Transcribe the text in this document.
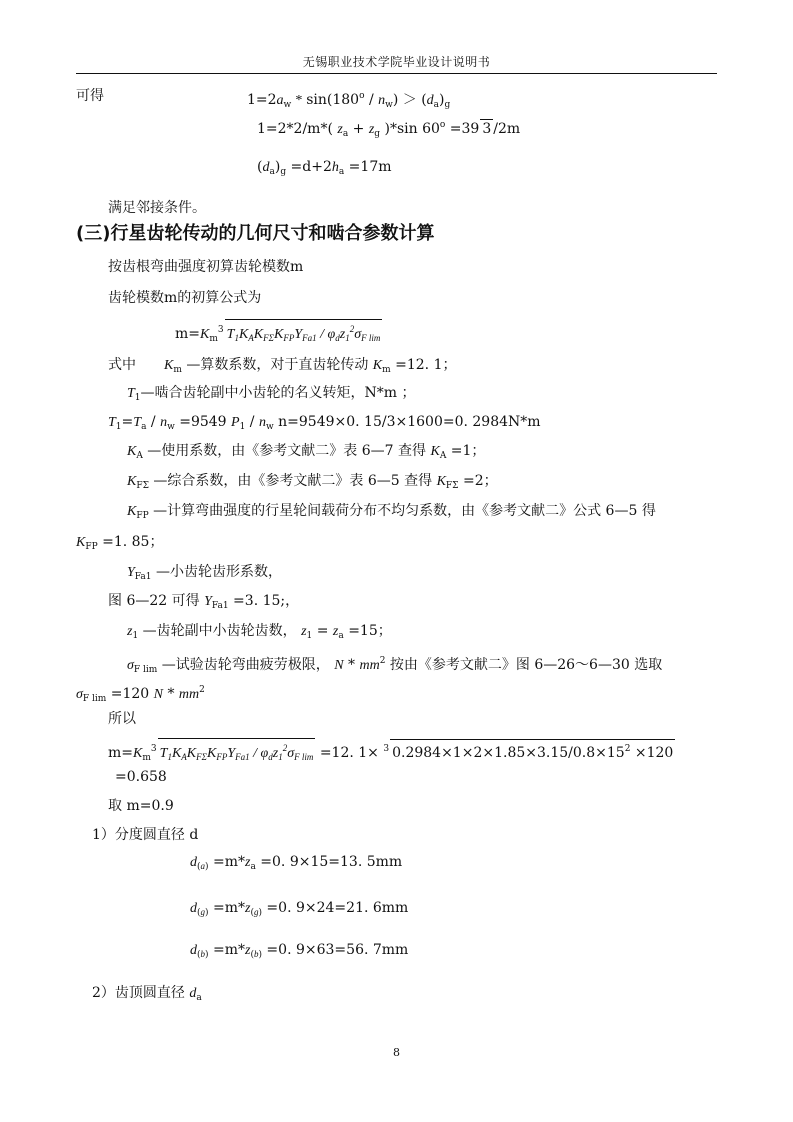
无锡职业技术学院毕业设计说明书
可得	$1=2a_w * \sin(180^o / n_w) > (d_a)_g$
1=2*2/m*( $z_a + z_g$ )*sin $60^o =39$ 3 /2m
$(d_a)_g =d+2h_a =17m$
满足邻接条件。
(三)行星齿轮传动的几何尺寸和啮合参数计算
按齿根弯曲强度初算齿轮模数m
齿轮模数m的初算公式为
$m=K_m^3$ $T_1K_AK_{F\Sigma}K_{FP}Y_{Fa1} / \varphi_dz_1^2\sigma_{F lim}$
式中　　$K_m$ —算数系数，对于直齿轮传动 $K_m =12$. 1；
$T_1—$啮合齿轮副中小齿轮的名义转矩，N*m ；
$T_1=T_a / n_w =9549$ $P_1 / n_w$ n=9549×0. 15/3×1600=0. 2984N*m
$K_A$ —使用系数，由《参考文献二》表 6—7 查得 $K_A =1$；
$K_{F\Sigma}$ —综合系数，由《参考文献二》表 6—5 查得 $K_{F\Sigma} =2$；
$K_{FP}$ —计算弯曲强度的行星轮间载荷分布不均匀系数，由《参考文献二》公式 6—5 得
$K_{FP} =1$. 85；
$Y_{Fa1}$ —小齿轮齿形系数，
图 6—22 可得 $Y_{Fa1} =3$. 15;，
$z_1$ —齿轮副中小齿轮齿数， $z_1 = z_a =15$；
$\sigma_{F lim}$ —试验齿轮弯曲疲劳极限， N * $mm^2$ 按由《参考文献二》图 6—26～6—30 选取
$\sigma_{F lim} =120$ N * $mm^2$
所以
$m=K_m^3$ $T_1K_AK_{F\Sigma}K_{FP}Y_{Fa1} / \varphi_dz_1^2\sigma_{F lim} =12$. 1× $^3$ $0.2984\times 1\times 2\times 1.85\times 3.15/0.8\times 15^2 \times 120$
=0.658
取 m=0.9
1）分度圆直径 d
$d_{(a)} =m*z_a =0$. 9×15=13. 5mm
$d_{(g)} =m*z_{(g)} =0$. 9×24=21. 6mm
$d_{(b)} =m*z_{(b)} =0$. 9×63=56. 7mm
2）齿顶圆直径 $d_a$
8
